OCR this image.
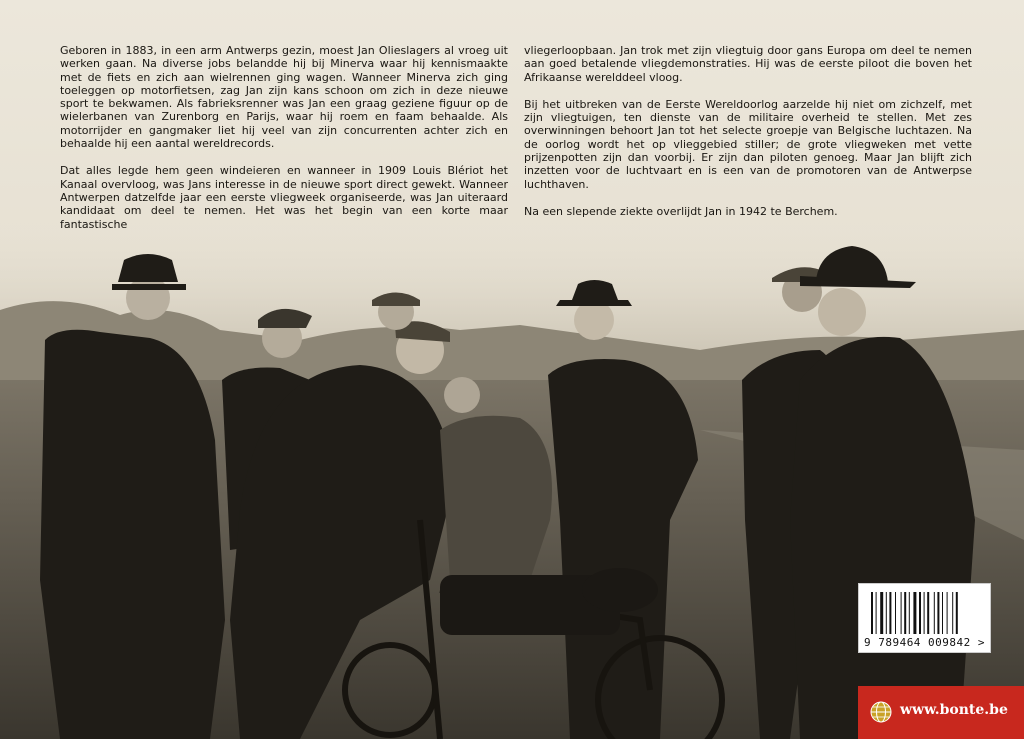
Geboren in 1883, in een arm Antwerps gezin, moest Jan Olieslagers al vroeg uit werken gaan. Na diverse jobs belandde hij bij Minerva waar hij kennismaakte met de fiets en zich aan wielrennen ging wagen. Wanneer Minerva zich ging toeleggen op motorfietsen, zag Jan zijn kans schoon om zich in deze nieuwe sport te bekwamen. Als fabrieksrenner was Jan een graag geziene figuur op de wielerbanen van Zurenborg en Parijs, waar hij roem en faam behaalde. Als motorrijder en gangmaker liet hij veel van zijn concurrenten achter zich en behaalde hij een aantal wereldrecords.

Dat alles legde hem geen windeieren en wanneer in 1909 Louis Blériot het Kanaal overvloog, was Jans interesse in de nieuwe sport direct gewekt. Wanneer Antwerpen datzelfde jaar een eerste vliegweek organiseerde, was Jan uiteraard kandidaat om deel te nemen. Het was het begin van een korte maar fantastische

vliegerloopbaan. Jan trok met zijn vliegtuig door gans Europa om deel te nemen aan goed betalende vliegdemonstraties. Hij was de eerste piloot die boven het Afrikaanse werelddeel vloog.

Bij het uitbreken van de Eerste Wereldoorlog aarzelde hij niet om zichzelf, met zijn vliegtuigen, ten dienste van de militaire overheid te stellen. Met zes overwinningen behoort Jan tot het selecte groepje van Belgische luchtazen. Na de oorlog wordt het op vlieggebied stiller; de grote vliegweken met vette prijzenpotten zijn dan voorbij. Er zijn dan piloten genoeg. Maar Jan blijft zich inzetten voor de luchtvaart en is een van de promotoren van de Antwerpse luchthaven.

Na een slepende ziekte overlijdt Jan in 1942 te Berchem.

9 789464 009842 >
www.bonte.be
